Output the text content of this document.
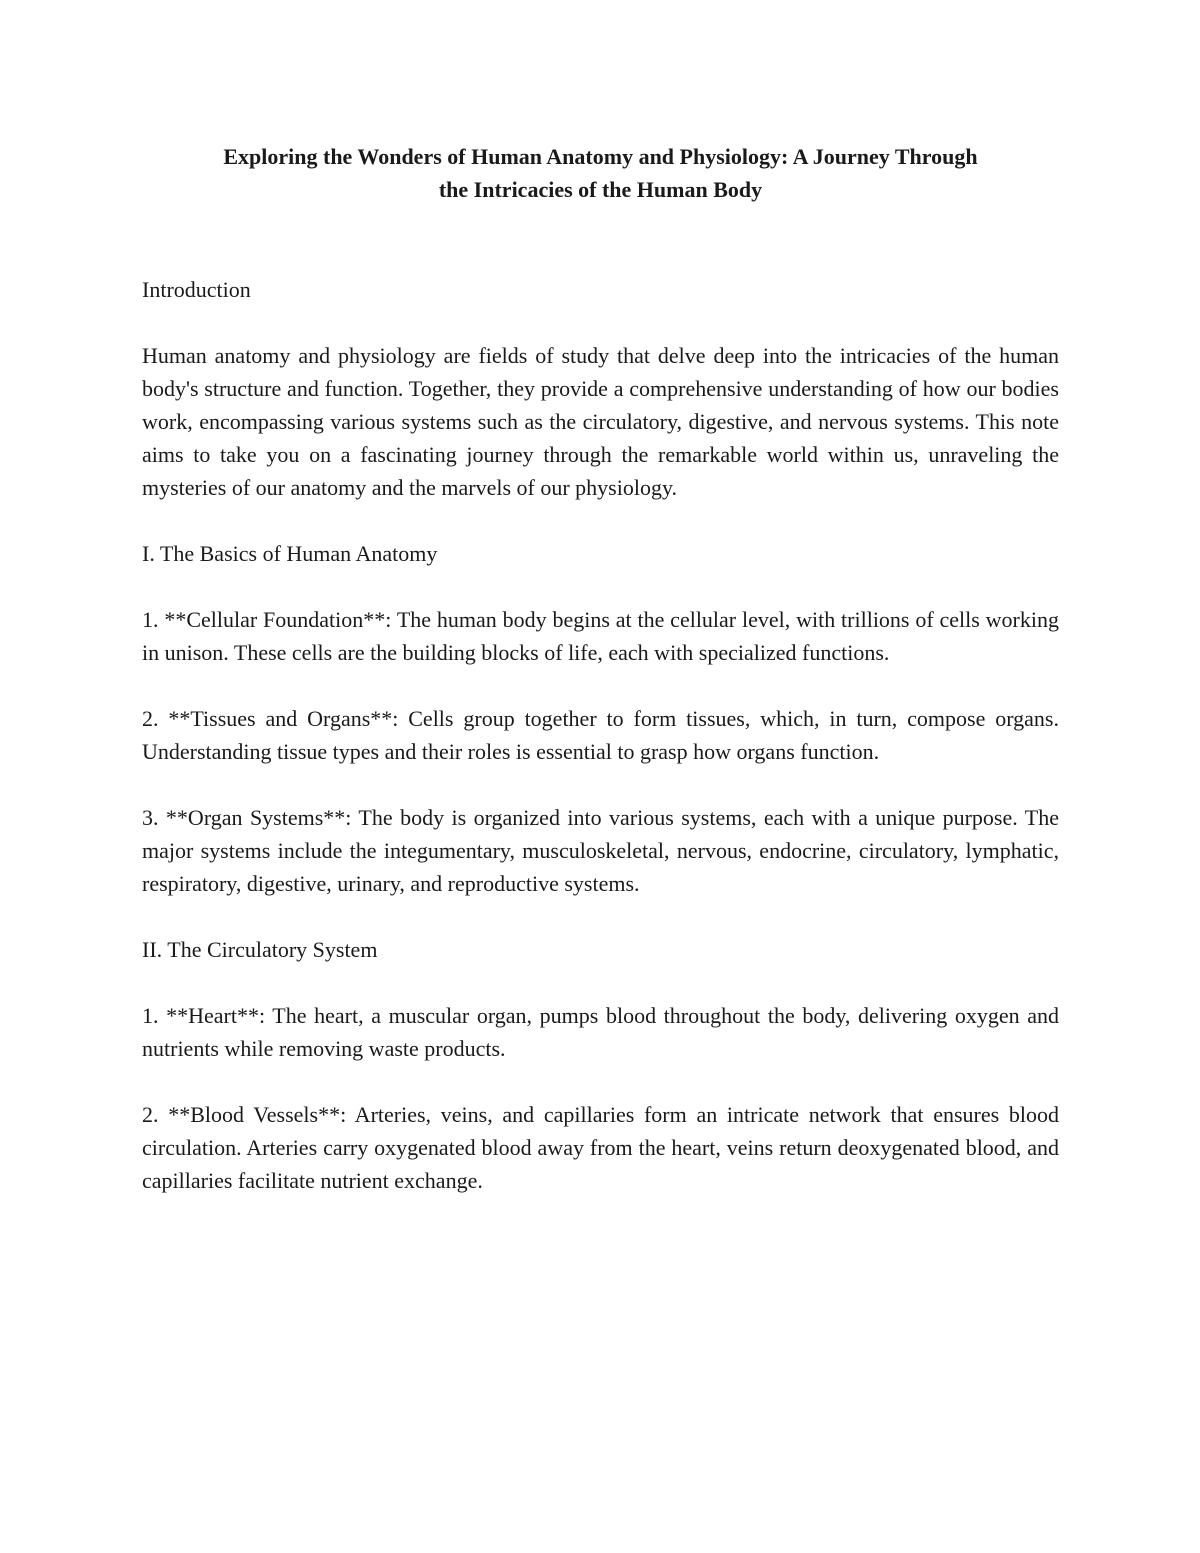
Exploring the Wonders of Human Anatomy and Physiology: A Journey Through
the Intricacies of the Human Body

Introduction

Human anatomy and physiology are fields of study that delve deep into the intricacies of the human body's structure and function. Together, they provide a comprehensive understanding of how our bodies work, encompassing various systems such as the circulatory, digestive, and nervous systems. This note aims to take you on a fascinating journey through the remarkable world within us, unraveling the mysteries of our anatomy and the marvels of our physiology.

I. The Basics of Human Anatomy

1. **Cellular Foundation**: The human body begins at the cellular level, with trillions of cells working in unison. These cells are the building blocks of life, each with specialized functions.

2. **Tissues and Organs**: Cells group together to form tissues, which, in turn, compose organs. Understanding tissue types and their roles is essential to grasp how organs function.

3. **Organ Systems**: The body is organized into various systems, each with a unique purpose. The major systems include the integumentary, musculoskeletal, nervous, endocrine, circulatory, lymphatic, respiratory, digestive, urinary, and reproductive systems.

II. The Circulatory System

1. **Heart**: The heart, a muscular organ, pumps blood throughout the body, delivering oxygen and nutrients while removing waste products.

2. **Blood Vessels**: Arteries, veins, and capillaries form an intricate network that ensures blood circulation. Arteries carry oxygenated blood away from the heart, veins return deoxygenated blood, and capillaries facilitate nutrient exchange.
